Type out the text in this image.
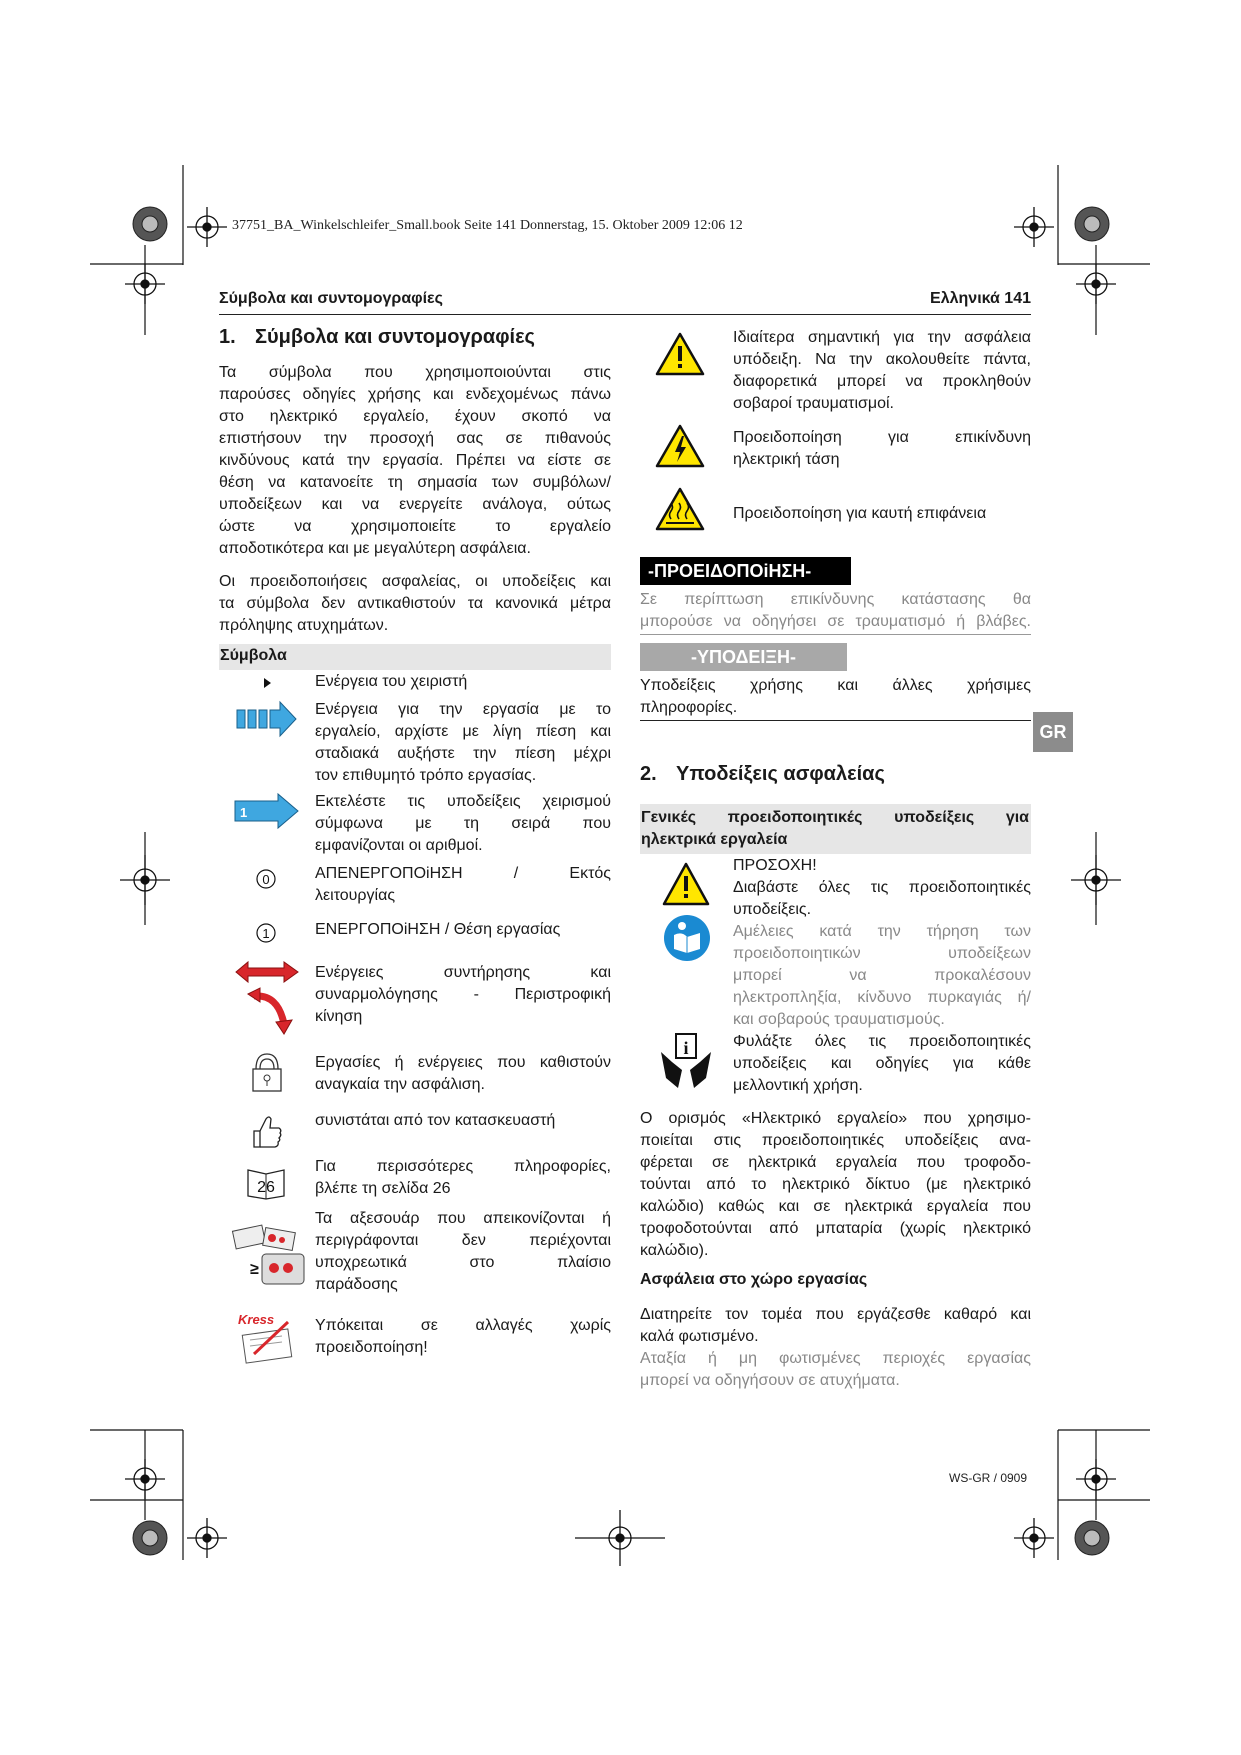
37751_BA_Winkelschleifer_Small.book Seite 141 Donnerstag, 15. Oktober 2009 12:06 12
Σύμβολα και συντομογραφίες	Ελληνικά 141
1. Σύμβολα και συντομογραφίες
Τα σύμβολα που χρησιμοποιούνται στις
παρούσες οδηγίες χρήσης και ενδεχομένως πάνω
στο ηλεκτρικό εργαλείο, έχουν σκοπό να
επιστήσουν την προσοχή σας σε πιθανούς
κινδύνους κατά την εργασία. Πρέπει να είστε σε
θέση να κατανοείτε τη σημασία των συμβόλων/
υποδείξεων και να ενεργείτε ανάλογα, ούτως
ώστε να χρησιμοποιείτε το εργαλείο
αποδοτικότερα και με μεγαλύτερη ασφάλεια.
Οι προειδοποιήσεις ασφαλείας, οι υποδείξεις και
τα σύμβολα δεν αντικαθιστούν τα κανονικά μέτρα
πρόληψης ατυχημάτων.
Σύμβολα
1
0
1
26
≥
Kress
Ενέργεια του χειριστή
Ενέργεια για την εργασία με το
εργαλείο, αρχίστε με λίγη πίεση και
σταδιακά αυξήστε την πίεση μέχρι
τον επιθυμητό τρόπο εργασίας.
Εκτελέστε τις υποδείξεις χειρισμού
σύμφωνα με τη σειρά που
εμφανίζονται οι αριθμοί.
ΑΠΕΝΕΡΓΟΠΟiΗΣΗ / Εκτός
λειτουργίας
ΕΝΕΡΓΟΠΟiΗΣΗ / Θέση εργασίας
Ενέργειες συντήρησης και
συναρμολόγησης - Περιστροφική
κίνηση
Εργασίες ή ενέργειες που καθιστούν
αναγκαία την ασφάλιση.
συνιστάται από τον κατασκευαστή
Για περισσότερες πληροφορίες,
βλέπε τη σελίδα 26
Τα αξεσουάρ που απεικονίζονται ή
περιγράφονται δεν περιέχονται
υποχρεωτικά στο πλαίσιο
παράδοσης
Υπόκειται σε αλλαγές χωρίς
προειδοποίηση!
Ιδιαίτερα σημαντική για την ασφάλεια
υπόδειξη. Να την ακολουθείτε πάντα,
διαφορετικά μπορεί να προκληθούν
σοβαροί τραυματισμοί.
Προειδοποίηση για επικίνδυνη
ηλεκτρική τάση
Προειδοποίηση για καυτή επιφάνεια
-ΠΡΟΕΙΔΟΠΟiΗΣΗ-
Σε περίπτωση επικίνδυνης κατάστασης θα
μπορούσε να οδηγήσει σε τραυματισμό ή βλάβες.
-ΥΠΟΔΕΙΞΗ-
Υποδείξεις χρήσης και άλλες χρήσιμες
πληροφορίες.
GR
2. Υποδείξεις ασφαλείας
Γενικές προειδοποιητικές υποδείξεις για
ηλεκτρικά εργαλεία
i
ΠΡΟΣΟΧΗ!
Διαβάστε όλες τις προειδοποιητικές
υποδείξεις.
Αμέλειες κατά την τήρηση των
προειδοποιητικών υποδείξεων
μπορεί να προκαλέσουν
ηλεκτροπληξία, κίνδυνο πυρκαγιάς ή/
και σοβαρούς τραυματισμούς.
Φυλάξτε όλες τις προειδοποιητικές
υποδείξεις και οδηγίες για κάθε
μελλοντική χρήση.
Ο ορισμός «Ηλεκτρικό εργαλείο» που χρησιμο-
ποιείται στις προειδοποιητικές υποδείξεις ανα-
φέρεται σε ηλεκτρικά εργαλεία που τροφοδο-
τούνται από το ηλεκτρικό δίκτυο (με ηλεκτρικό
καλώδιο) καθώς και σε ηλεκτρικά εργαλεία που
τροφοδοτούνται από μπαταρία (χωρίς ηλεκτρικό
καλώδιο).
Ασφάλεια στο χώρο εργασίας
Διατηρείτε τον τομέα που εργάζεσθε καθαρό και
καλά φωτισμένο.
Αταξία ή μη φωτισμένες περιοχές εργασίας
μπορεί να οδηγήσουν σε ατυχήματα.
WS-GR / 0909
